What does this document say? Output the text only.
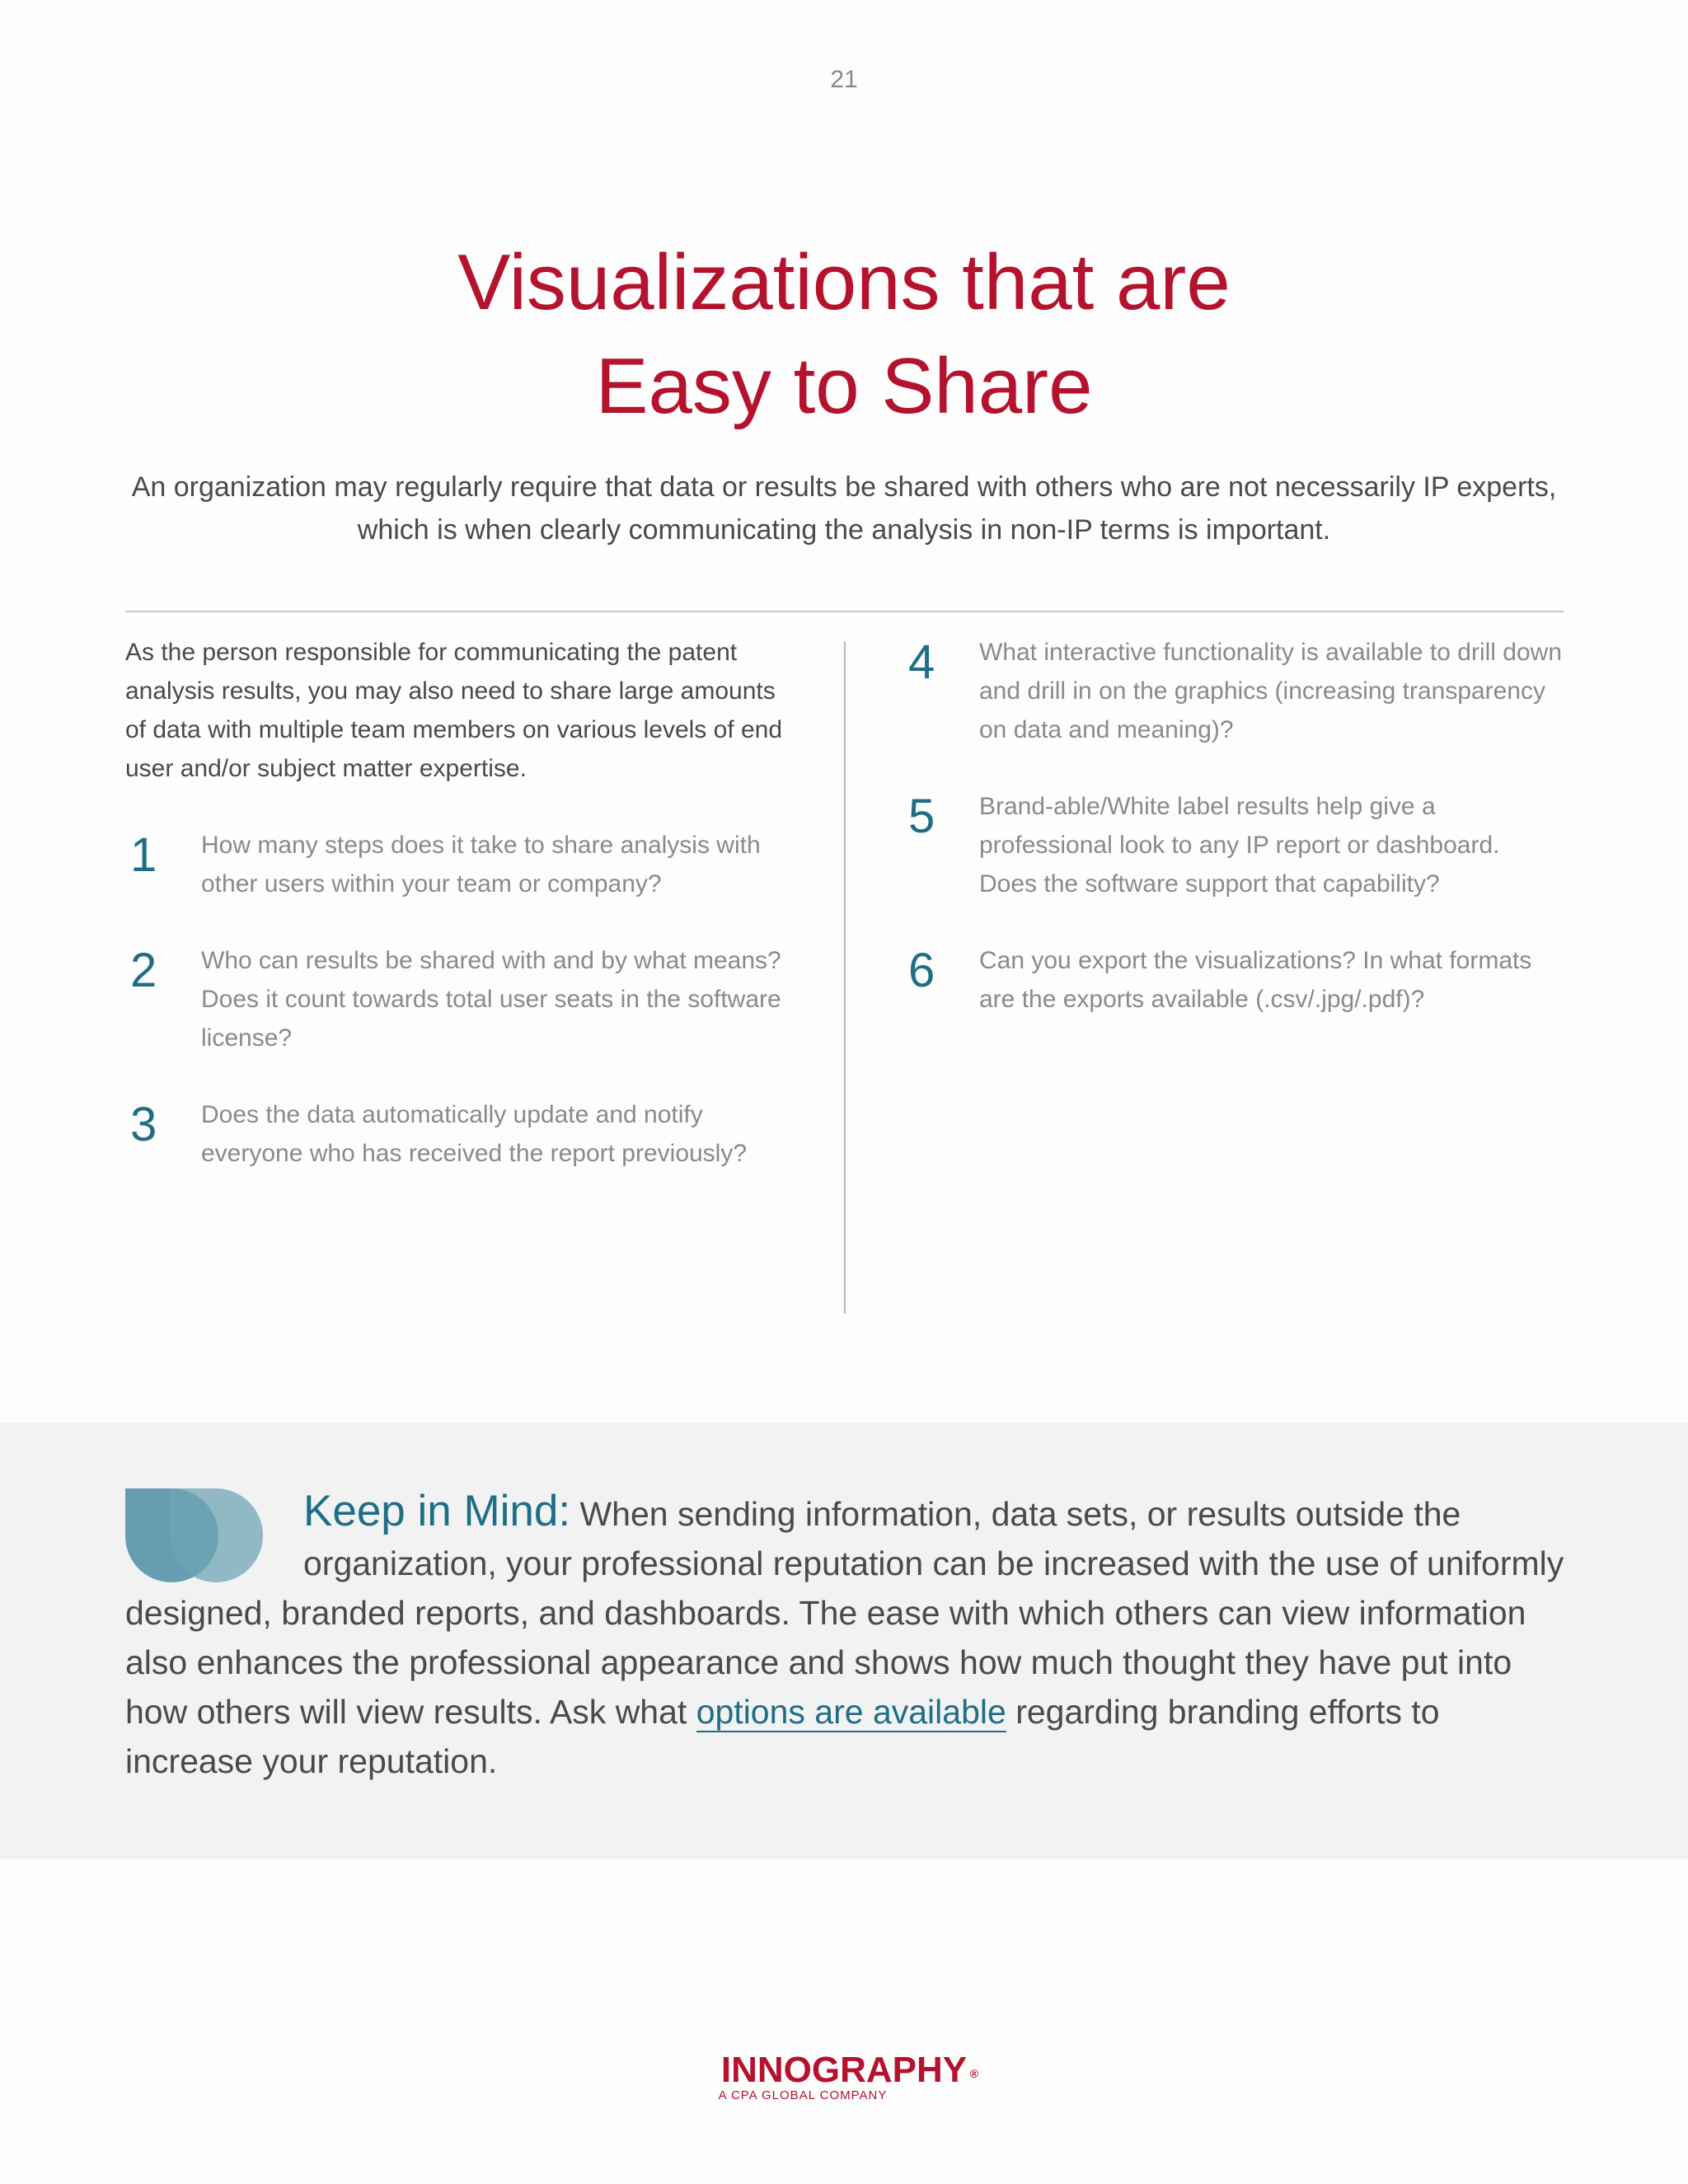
21
Visualizations that are
Easy to Share

An organization may regularly require that data or results be shared with others who are not necessarily IP experts, which is when clearly communicating the analysis in non-IP terms is important.

As the person responsible for communicating the patent analysis results, you may also need to share large amounts of data with multiple team members on various levels of end user and/or subject matter expertise.

1 How many steps does it take to share analysis with other users within your team or company?

2 Who can results be shared with and by what means? Does it count towards total user seats in the software license?

3 Does the data automatically update and notify everyone who has received the report previously?

4 What interactive functionality is available to drill down and drill in on the graphics (increasing transparency on data and meaning)?

5 Brand-able/White label results help give a professional look to any IP report or dashboard. Does the software support that capability?

6 Can you export the visualizations? In what formats are the exports available (.csv/.jpg/.pdf)?

Keep in Mind: When sending information, data sets, or results outside the organization, your professional reputation can be increased with the use of uniformly designed, branded reports, and dashboards. The ease with which others can view information also enhances the professional appearance and shows how much thought they have put into how others will view results. Ask what options are available regarding branding efforts to increase your reputation.

INNOGRAPHY ®
A CPA GLOBAL COMPANY
